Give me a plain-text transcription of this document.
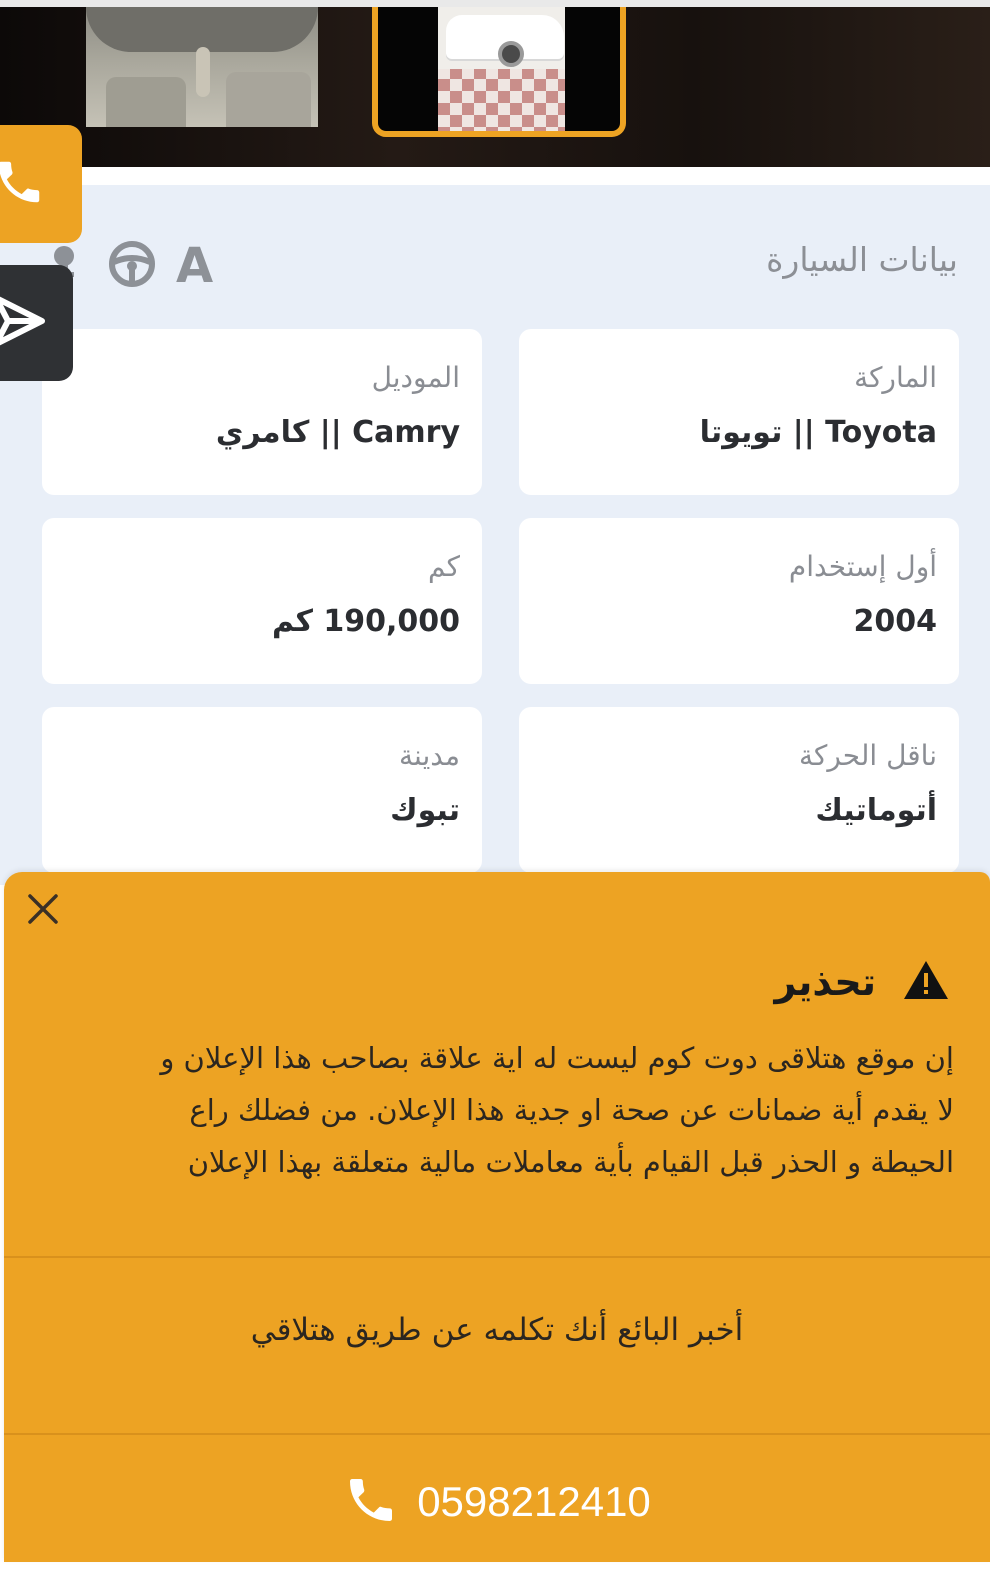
بيانات السيارة
A
الماركة
Toyota || تويوتا
الموديل
Camry || كامري
أول إستخدام
2004
كم
190,000 كم
ناقل الحركة
أتوماتيك
مدينة
تبوك
تحذير
إن موقع هتلاقى دوت كوم ليست له اية علاقة بصاحب هذا الإعلان و
لا يقدم أية ضمانات عن صحة او جدية هذا الإعلان. من فضلك راع
الحيطة و الحذر قبل القيام بأية معاملات مالية متعلقة بهذا الإعلان
أخبر البائع أنك تكلمه عن طريق هتلاقي
0598212410
